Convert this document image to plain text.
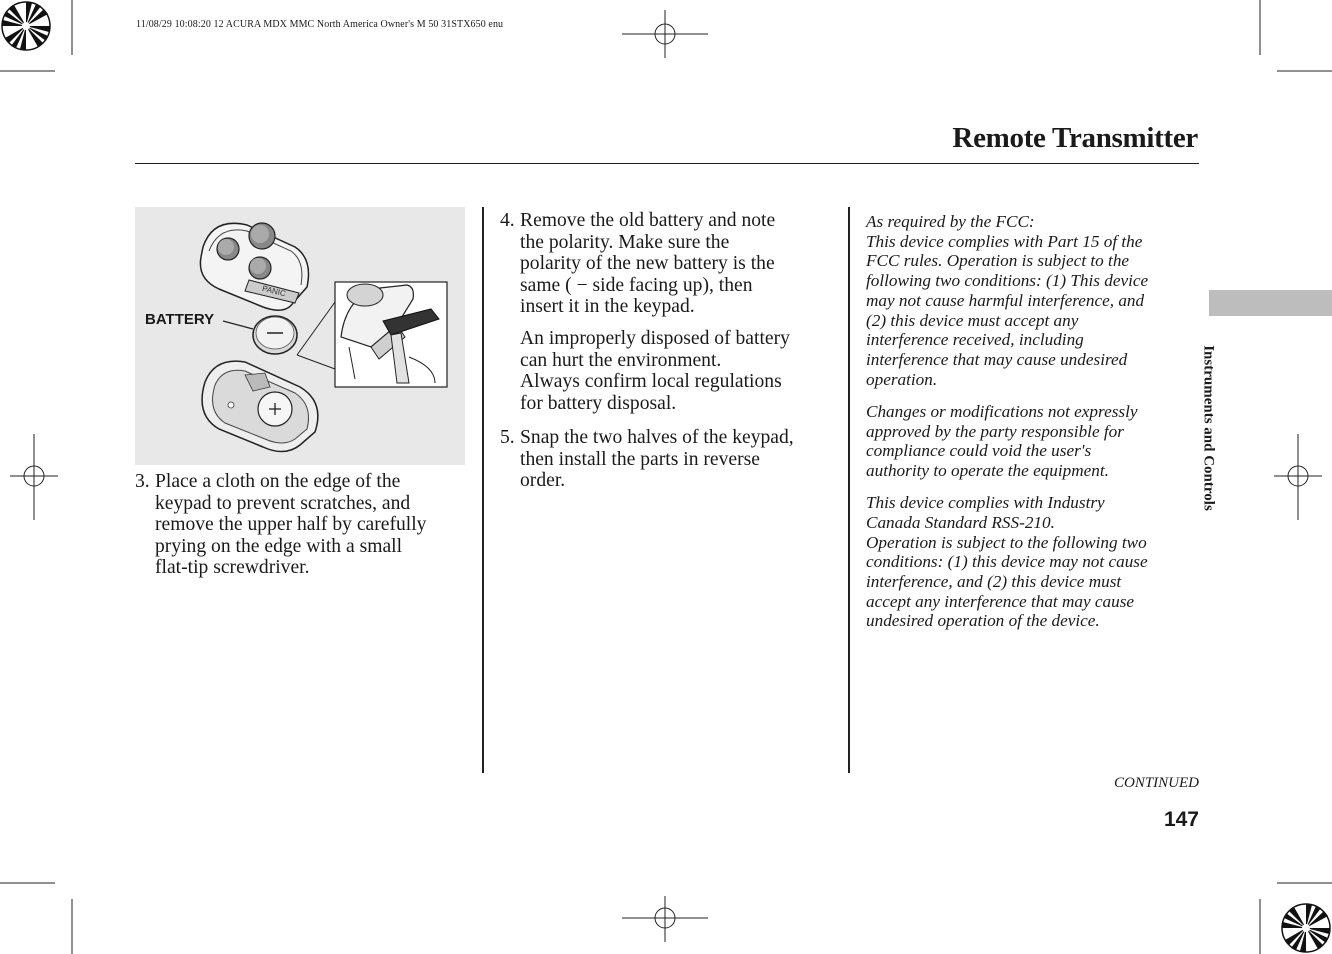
11/08/29 10:08:20 12 ACURA MDX MMC North America Owner's M 50 31STX650 enu
Remote Transmitter
PANIC
BATTERY
3. Place a cloth on the edge of the
keypad to prevent scratches, and
remove the upper half by carefully
prying on the edge with a small
flat-tip screwdriver.
4. Remove the old battery and note
the polarity. Make sure the
polarity of the new battery is the
same ( − side facing up), then
insert it in the keypad.
An improperly disposed of battery
can hurt the environment.
Always confirm local regulations
for battery disposal.
5. Snap the two halves of the keypad,
then install the parts in reverse
order.

As required by the FCC:
This device complies with Part 15 of the
FCC rules. Operation is subject to the
following two conditions: (1) This device
may not cause harmful interference, and
(2) this device must accept any
interference received, including
interference that may cause undesired
operation.

Changes or modifications not expressly
approved by the party responsible for
compliance could void the user's
authority to operate the equipment.

This device complies with Industry
Canada Standard RSS-210.
Operation is subject to the following two
conditions: (1) this device may not cause
interference, and (2) this device must
accept any interference that may cause
undesired operation of the device.

Instruments and Controls
CONTINUED
147
